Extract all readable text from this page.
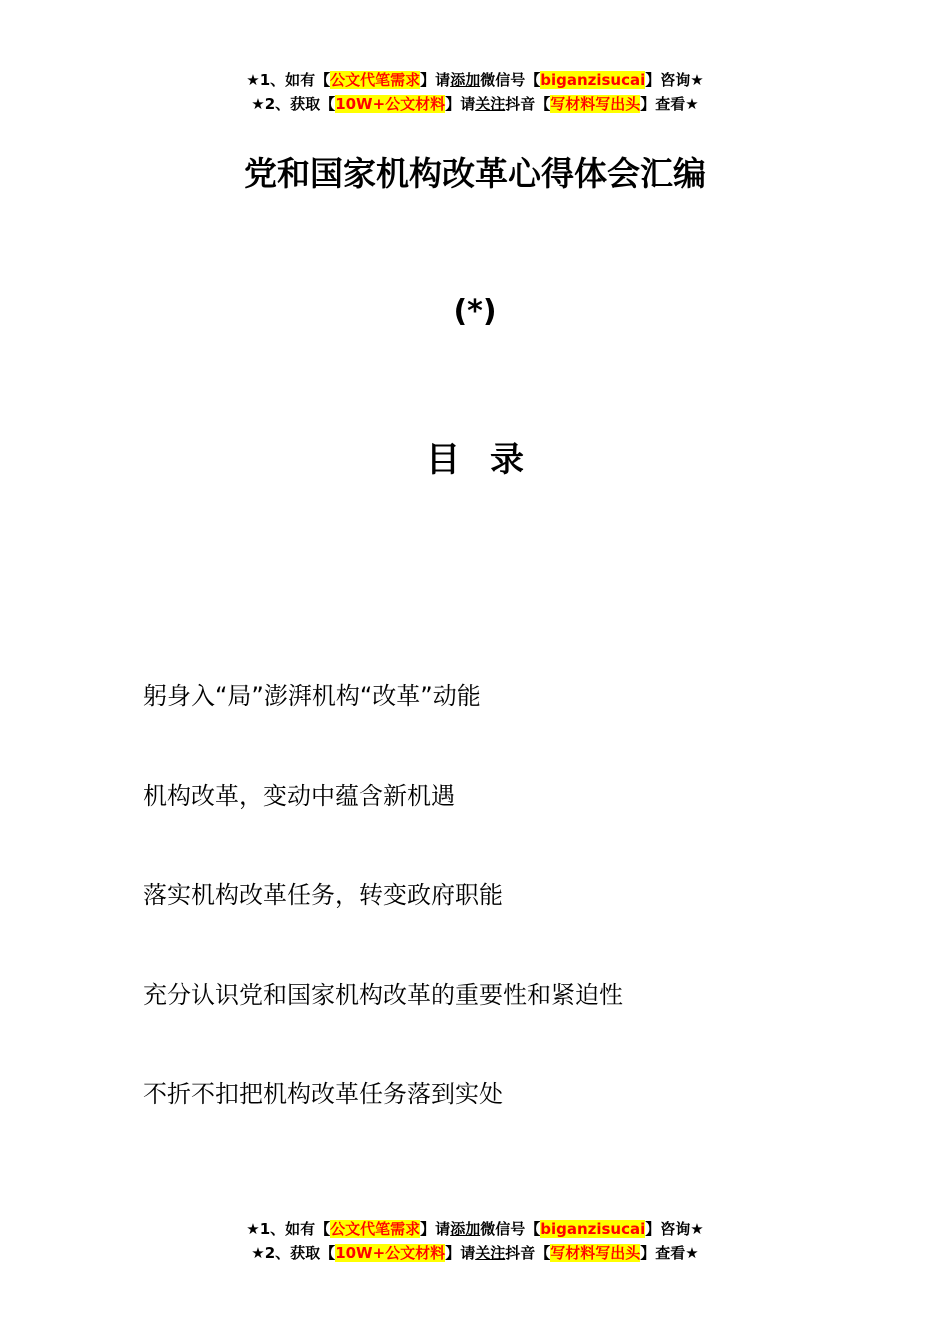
★1、如有【公文代笔需求】请添加微信号【biganzisucai】咨询★
★2、获取【10W+公文材料】请关注抖音【写材料写出头】查看★
党和国家机构改革心得体会汇编
(*)
目录
躬身入“局”澎湃机构“改革”动能
机构改革，变动中蕴含新机遇
落实机构改革任务，转变政府职能
充分认识党和国家机构改革的重要性和紧迫性
不折不扣把机构改革任务落到实处
★1、如有【公文代笔需求】请添加微信号【biganzisucai】咨询★
★2、获取【10W+公文材料】请关注抖音【写材料写出头】查看★
